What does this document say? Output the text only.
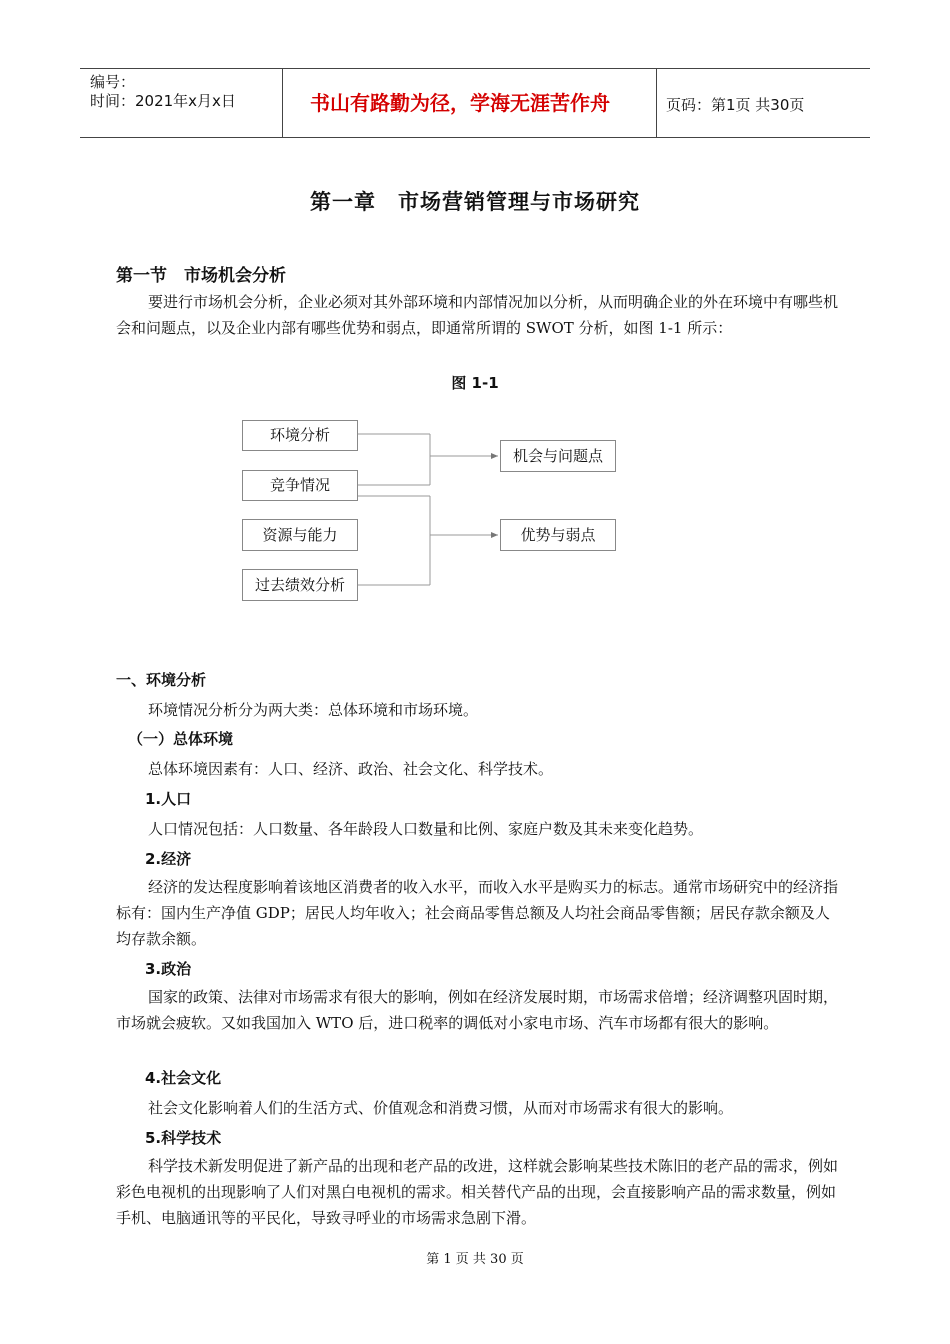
编号：
时间：2021年x月x日	书山有路勤为径，学海无涯苦作舟	页码：第1页 共30页
第一章　市场营销管理与市场研究
第一节　市场机会分析

要进行市场机会分析，企业必须对其外部环境和内部情况加以分析，从而明确企业的外在环境中有哪些机会和问题点，以及企业内部有哪些优势和弱点，即通常所谓的 SWOT 分析，如图 1-1 所示：

图 1-1
环境分析
竞争情况
资源与能力
过去绩效分析
机会与问题点
优势与弱点
一、环境分析
环境情况分析分为两大类：总体环境和市场环境。
（一）总体环境
总体环境因素有：人口、经济、政治、社会文化、科学技术。
1.人口
人口情况包括：人口数量、各年龄段人口数量和比例、家庭户数及其未来变化趋势。
2.经济

经济的发达程度影响着该地区消费者的收入水平，而收入水平是购买力的标志。通常市场研究中的经济指标有：国内生产净值 GDP；居民人均年收入；社会商品零售总额及人均社会商品零售额；居民存款余额及人均存款余额。

3.政治

国家的政策、法律对市场需求有很大的影响，例如在经济发展时期，市场需求倍增；经济调整巩固时期，市场就会疲软。又如我国加入 WTO 后，进口税率的调低对小家电市场、汽车市场都有很大的影响。

4.社会文化
社会文化影响着人们的生活方式、价值观念和消费习惯，从而对市场需求有很大的影响。
5.科学技术

科学技术新发明促进了新产品的出现和老产品的改进，这样就会影响某些技术陈旧的老产品的需求，例如彩色电视机的出现影响了人们对黑白电视机的需求。相关替代产品的出现，会直接影响产品的需求数量，例如手机、电脑通讯等的平民化，导致寻呼业的市场需求急剧下滑。

第 1 页 共 30 页
